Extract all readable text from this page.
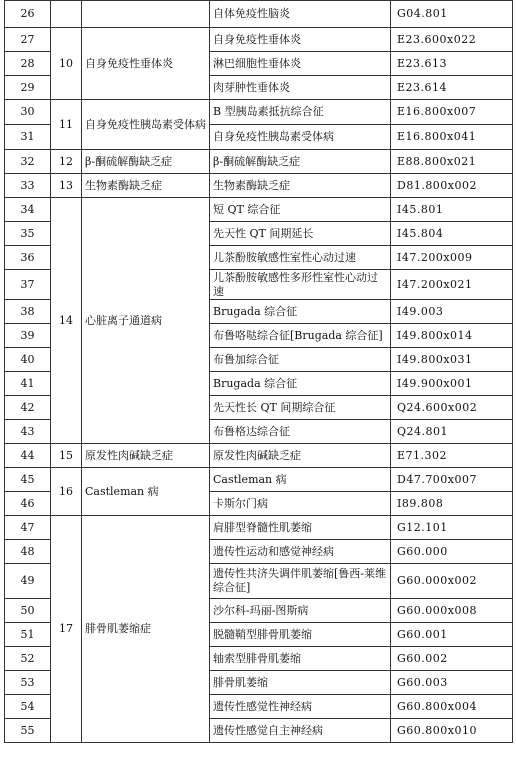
26			自体免疫性脑炎	G04.801
27	10	自身免疫性垂体炎	自身免疫性垂体炎	E23.600x022
28			淋巴细胞性垂体炎	E23.613
29			肉芽肿性垂体炎	E23.614
30	11	自身免疫性胰岛素受体病	B 型胰岛素抵抗综合征	E16.800x007
31			自身免疫性胰岛素受体病	E16.800x041
32	12	β-酮硫解酶缺乏症	β-酮硫解酶缺乏症	E88.800x021
33	13	生物素酶缺乏症	生物素酶缺乏症	D81.800x002
34	14	心脏离子通道病	短 QT 综合征	I45.801
35			先天性 QT 间期延长	I45.804
36			儿茶酚胺敏感性室性心动过速	I47.200x009
37			儿茶酚胺敏感性多形性室性心动过速	I47.200x021
38			Brugada 综合征	I49.003
39			布鲁咯哒综合征[Brugada 综合征]	I49.800x014
40			布鲁加综合征	I49.800x031
41			Brugada 综合征	I49.900x001
42			先天性长 QT 间期综合征	Q24.600x002
43			布鲁格达综合征	Q24.801
44	15	原发性肉碱缺乏症	原发性肉碱缺乏症	E71.302
45	16	Castleman 病	Castleman 病	D47.700x007
46			卡斯尔门病	I89.808
47	17	腓骨肌萎缩症	肩腓型脊髓性肌萎缩	G12.101
48			遗传性运动和感觉神经病	G60.000
49			遗传性共济失调伴肌萎缩[鲁西-莱维综合征]	G60.000x002
50			沙尔科-玛丽-图斯病	G60.000x008
51			脱髓鞘型腓骨肌萎缩	G60.001
52			轴索型腓骨肌萎缩	G60.002
53			腓骨肌萎缩	G60.003
54			遗传性感觉性神经病	G60.800x004
55			遗传性感觉自主神经病	G60.800x010
